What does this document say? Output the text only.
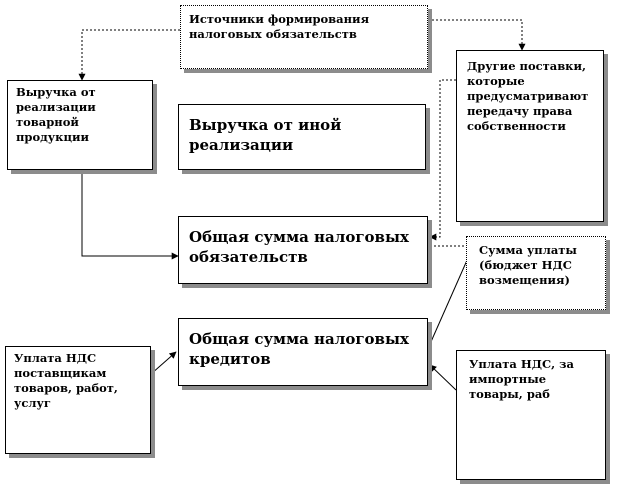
Источники формирования
налоговых обязательств
Выручка от
реализации
товарной
продукции
Выручка от иной
реализации
Другие поставки,
которые
предусматривают
передачу права
собственности
Общая сумма налоговых
обязательств	Сумма уплаты
(бюджет НДС
возмещения)
Общая сумма налоговых
кредитов
Уплата НДС
поставщикам
товаров, работ,
услуг
Уплата НДС, за
импортные
товары, раб
